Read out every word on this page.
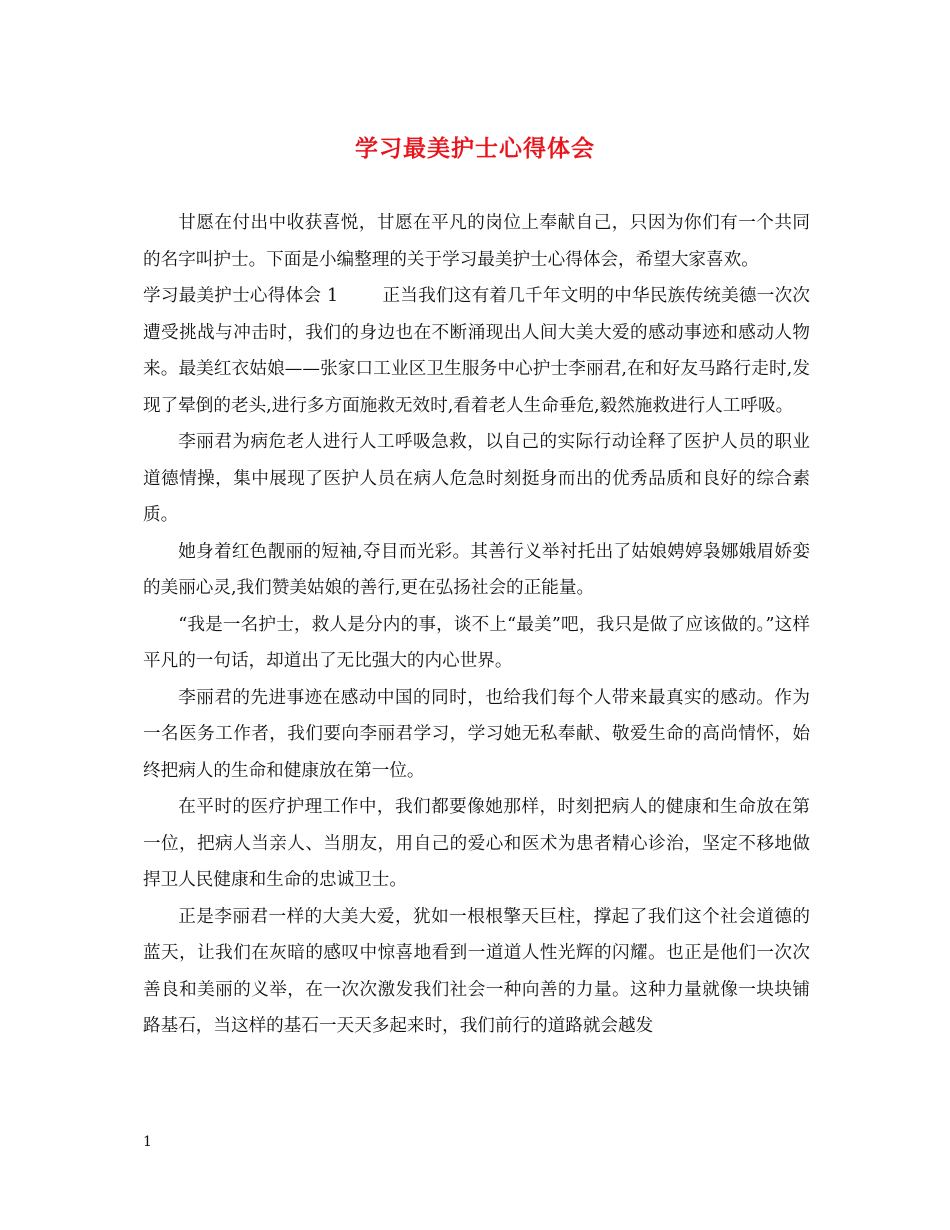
学习最美护士心得体会

甘愿在付出中收获喜悦，甘愿在平凡的岗位上奉献自己，只因为你们有一个共同的名字叫护士。下面是小编整理的关于学习最美护士心得体会，希望大家喜欢。

学习最美护士心得体会 1	正当我们这有着几千年文明的中华民族传统美德一次次遭受挑战与冲击时，我们的身边也在不断涌现出人间大美大爱的感动事迹和感动人物来。最美红衣姑娘——张家口工业区卫生服务中心护士李丽君,在和好友马路行走时,发现了晕倒的老头,进行多方面施救无效时,看着老人生命垂危,毅然施救进行人工呼吸。

李丽君为病危老人进行人工呼吸急救，以自己的实际行动诠释了医护人员的职业道德情操，集中展现了医护人员在病人危急时刻挺身而出的优秀品质和良好的综合素质。

她身着红色靓丽的短袖,夺目而光彩。其善行义举衬托出了姑娘娉婷袅娜娥眉娇娈的美丽心灵,我们赞美姑娘的善行,更在弘扬社会的正能量。

“我是一名护士，救人是分内的事，谈不上“最美”吧，我只是做了应该做的。”这样平凡的一句话，却道出了无比强大的内心世界。

李丽君的先进事迹在感动中国的同时，也给我们每个人带来最真实的感动。作为一名医务工作者，我们要向李丽君学习，学习她无私奉献、敬爱生命的高尚情怀，始终把病人的生命和健康放在第一位。

在平时的医疗护理工作中，我们都要像她那样，时刻把病人的健康和生命放在第一位，把病人当亲人、当朋友，用自己的爱心和医术为患者精心诊治，坚定不移地做捍卫人民健康和生命的忠诚卫士。

正是李丽君一样的大美大爱，犹如一根根擎天巨柱，撑起了我们这个社会道德的蓝天，让我们在灰暗的感叹中惊喜地看到一道道人性光辉的闪耀。也正是他们一次次善良和美丽的义举，在一次次激发我们社会一种向善的力量。这种力量就像一块块铺路基石，当这样的基石一天天多起来时，我们前行的道路就会越发

1
